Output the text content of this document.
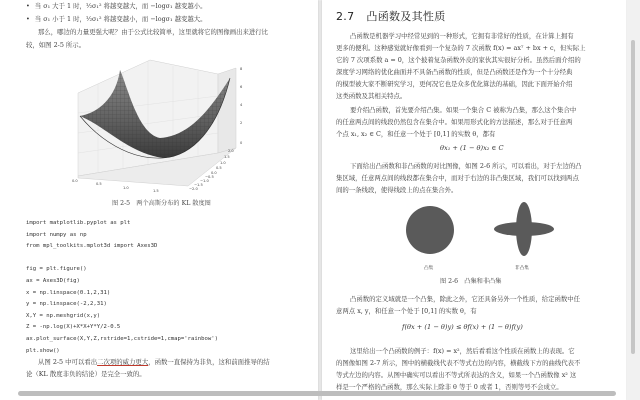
• 当 σ₁ 大于 1 时，½σ₁² 将越变越大，而 −logσ₁ 越变越小。
• 当 σ₁ 小于 1 时，½σ₁² 将越变越小，而 −logσ₁ 越变越大。
那么，哪边的力量更强大呢？由于公式比较简单，这里就将它的图像画出来进行比
较，如图 2-5 所示。
8
6
4
2
0
2.0
1.5
1.0
0.5
0.0
−0.5
−1.0
−1.5
−2.0
0.0
0.5
1.0
1.5
图 2-5　两个高斯分布的 KL 散度图
import matplotlib.pyplot as plt
import numpy as np
from mpl_toolkits.mplot3d import Axes3D
fig = plt.figure()
ax = Axes3D(fig)
x = np.linspace(0.1,2,31)
y = np.linspace(-2,2,31)
X,Y = np.meshgrid(x,y)
Z = -np.log(X)+X*X+Y*Y/2-0.5
ax.plot_surface(X,Y,Z,rstride=1,cstride=1,cmap='rainbow')
plt.show()
从图 2-5 中可以看出二次项的威力更大，函数一直保持为非负，这和前面推导的结
论（KL 散度非负的结论）是完全一致的。
2.7 凸函数及其性质
凸函数是机器学习中经常见到的一种形式，它拥有非常好的性质，在计算上拥有
更多的便利。这种感觉就好像看到一个复杂的 7 次函数 f(x) = ax⁷ + bx + c，但实际上
它的 7 次项系数 a = 0，这个披着复杂函数外皮的家伙其实很好分析。虽然后面介绍的
深度学习网络的优化曲面并不具备凸函数的性质，但是凸函数还是作为一个十分经典
的模型被大家不断研究学习，更何况它也是众多优化算法的基础，因此下面开始介绍
这类函数及其相关特点。
要介绍凸函数，首先要介绍凸集。如果一个集合 C 被称为凸集，那么这个集合中
的任意两点间的线段仍然包含在集合中。如果用形式化的方法描述，那么对于任意两
个点 x₁, x₂ ∈ C，和任意一个处于 [0,1] 的实数 θ，都有
θx₁ + (1 − θ)x₂ ∈ C
下面给出凸函数和非凸函数的对比图像，如图 2-6 所示，可以看出，对于左边的凸
集区域，任意两点间的线段都在集合中，而对于右边的非凸集区域，我们可以找到两点
间的一条线段，使得线段上的点在集合外。
凸集	非凸集
图 2-6　凸集和非凸集
凸函数的定义域就是一个凸集，除此之外，它还具备另外一个性质，给定函数中任
意两点 x, y，和任意一个处于 [0,1] 的实数 θ，有
f(θx + (1 − θ)y) ≤ θf(x) + (1 − θ)f(y)
这里给出一个凸函数的例子：f(x) = x²，然后看看这个性质在函数上的表现。它
的图像如图 2-7 所示，图中的横截线代表不等式右边的内容，横截线下方的曲线代表不
等式左边的内容。从图中确实可以看出不等式所表达的含义，如果一个凸函数像 x² 这
样是一个严格的凸函数，那么实际上除非 θ 等于 0 或者 1，否则等号不会成立。
